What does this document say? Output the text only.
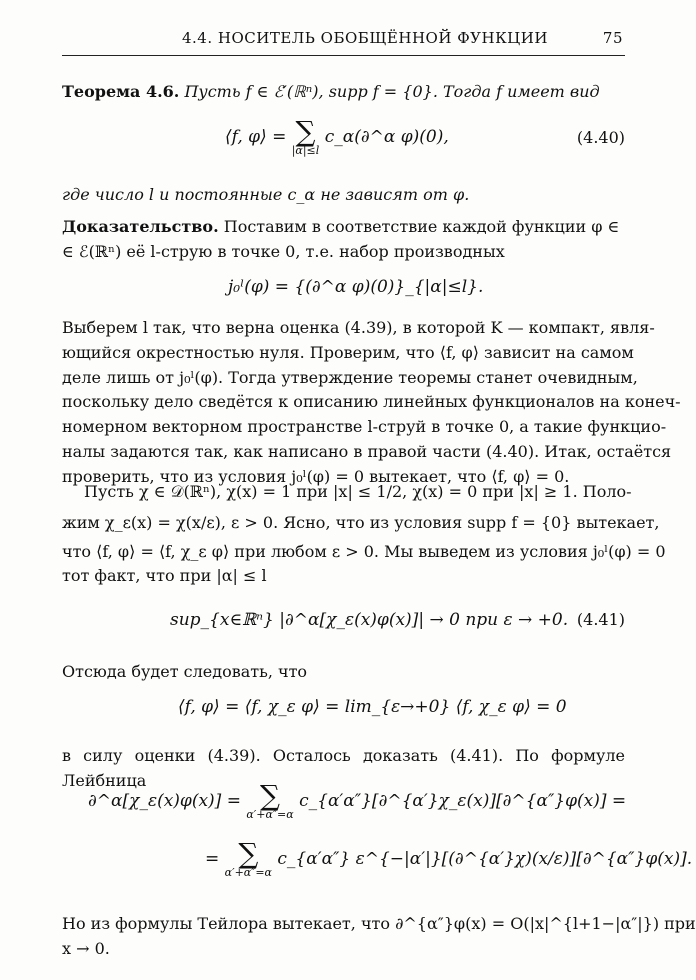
4.4. НОСИТЕЛЬ ОБОБЩЁННОЙ ФУНКЦИИ	75
Теорема 4.6. Пусть f ∈ ℰ′(ℝⁿ), supp f = {0}. Тогда f имеет вид
⟨f, φ⟩ = ∑
|α|≤l
c_α(∂^α φ)(0),	(4.40)
где число l и постоянные c_α не зависят от φ.
Доказательство. Поставим в соответствие каждой функции φ ∈
∈ ℰ(ℝⁿ) её l-струю в точке 0, т.е. набор производных
j₀ˡ(φ) = {(∂^α φ)(0)}_{|α|≤l}.
Выберем l так, что верна оценка (4.39), в которой K — компакт, явля-
ющийся окрестностью нуля. Проверим, что ⟨f, φ⟩ зависит на самом
деле лишь от j₀ˡ(φ). Тогда утверждение теоремы станет очевидным,
поскольку дело сведётся к описанию линейных функционалов на конеч-
номерном векторном пространстве l-струй в точке 0, а такие функцио-
налы задаются так, как написано в правой части (4.40). Итак, остаётся
проверить, что из условия j₀ˡ(φ) = 0 вытекает, что ⟨f, φ⟩ = 0.
Пусть χ ∈ 𝒟(ℝⁿ), χ(x) = 1 при |x| ≤ 1/2, χ(x) = 0 при |x| ≥ 1. Поло-
жим χ_ε(x) = χ(x/ε), ε > 0. Ясно, что из условия supp f = {0} вытекает,
что ⟨f, φ⟩ = ⟨f, χ_ε φ⟩ при любом ε > 0. Мы выведем из условия j₀ˡ(φ) = 0
тот факт, что при |α| ≤ l
sup_{x∈ℝⁿ} |∂^α[χ_ε(x)φ(x)]| → 0 при ε → +0. (4.41)
Отсюда будет следовать, что
⟨f, φ⟩ = ⟨f, χ_ε φ⟩ = lim_{ε→+0} ⟨f, χ_ε φ⟩ = 0
в силу оценки (4.39). Осталось доказать (4.41). По формуле Лейбница
∂^α[χ_ε(x)φ(x)] = ∑
α′+α″=α
c_{α′α″}[∂^{α′}χ_ε(x)][∂^{α″}φ(x)] =
= ∑
α′+α″=α
c_{α′α″} ε^{−|α′|}[(∂^{α′}χ)(x/ε)][∂^{α″}φ(x)].
Но из формулы Тейлора вытекает, что ∂^{α″}φ(x) = O(|x|^{l+1−|α″|}) при
x → 0.
